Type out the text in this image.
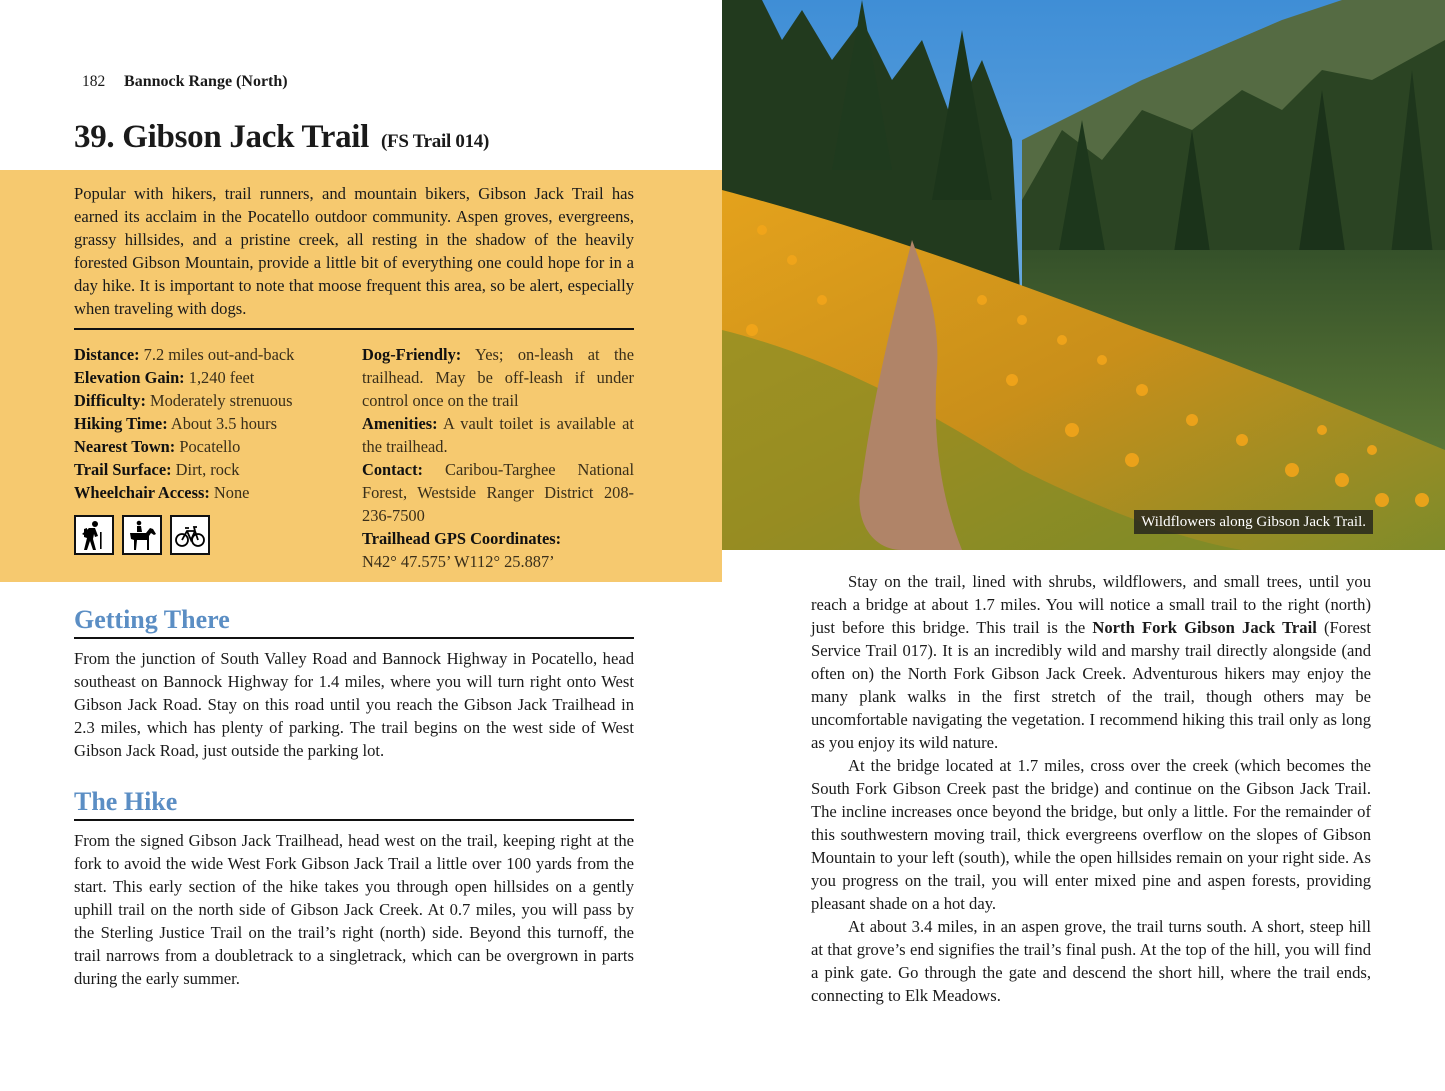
182 Bannock Range (North)
39. Gibson Jack Trail (FS Trail 014)

Popular with hikers, trail runners, and mountain bikers, Gibson Jack Trail has earned its acclaim in the Pocatello outdoor community. Aspen groves, evergreens, grassy hillsides, and a pristine creek, all resting in the shadow of the heavily forested Gibson Mountain, provide a little bit of everything one could hope for in a day hike. It is important to note that moose frequent this area, so be alert, especially when traveling with dogs.

Distance: 7.2 miles out-and-back
Elevation Gain: 1,240 feet
Difficulty: Moderately strenuous
Hiking Time: About 3.5 hours
Nearest Town: Pocatello
Trail Surface: Dirt, rock
Wheelchair Access: None
Dog-Friendly: Yes; on-leash at the trailhead. May be off-leash if under control once on the trail
Amenities: A vault toilet is available at the trailhead.
Contact: Caribou-Targhee National Forest, Westside Ranger District 208-236-7500
Trailhead GPS Coordinates:
N42° 47.575’ W112° 25.887’
Getting There

From the junction of South Valley Road and Bannock Highway in Pocatello, head southeast on Bannock Highway for 1.4 miles, where you will turn right onto West Gibson Jack Road. Stay on this road until you reach the Gibson Jack Trailhead in 2.3 miles, which has plenty of parking. The trail begins on the west side of West Gibson Jack Road, just outside the parking lot.

The Hike

From the signed Gibson Jack Trailhead, head west on the trail, keeping right at the fork to avoid the wide West Fork Gibson Jack Trail a little over 100 yards from the start. This early section of the hike takes you through open hillsides on a gently uphill trail on the north side of Gibson Jack Creek. At 0.7 miles, you will pass by the Sterling Justice Trail on the trail’s right (north) side. Beyond this turnoff, the trail narrows from a doubletrack to a singletrack, which can be overgrown in parts during the early summer.

Wildflowers along Gibson Jack Trail.

Stay on the trail, lined with shrubs, wildflowers, and small trees, until you reach a bridge at about 1.7 miles. You will notice a small trail to the right (north) just before this bridge. This trail is the North Fork Gibson Jack Trail (Forest Service Trail 017). It is an incredibly wild and marshy trail directly alongside (and often on) the North Fork Gibson Jack Creek. Adventurous hikers may enjoy the many plank walks in the first stretch of the trail, though others may be uncomfortable navigating the vegetation. I recommend hiking this trail only as long as you enjoy its wild nature.

At the bridge located at 1.7 miles, cross over the creek (which becomes the South Fork Gibson Creek past the bridge) and continue on the Gibson Jack Trail. The incline increases once beyond the bridge, but only a little. For the remainder of this southwestern moving trail, thick evergreens overflow on the slopes of Gibson Mountain to your left (south), while the open hillsides remain on your right side. As you progress on the trail, you will enter mixed pine and aspen forests, providing pleasant shade on a hot day.

At about 3.4 miles, in an aspen grove, the trail turns south. A short, steep hill at that grove’s end signifies the trail’s final push. At the top of the hill, you will find a pink gate. Go through the gate and descend the short hill, where the trail ends, connecting to Elk Meadows.
